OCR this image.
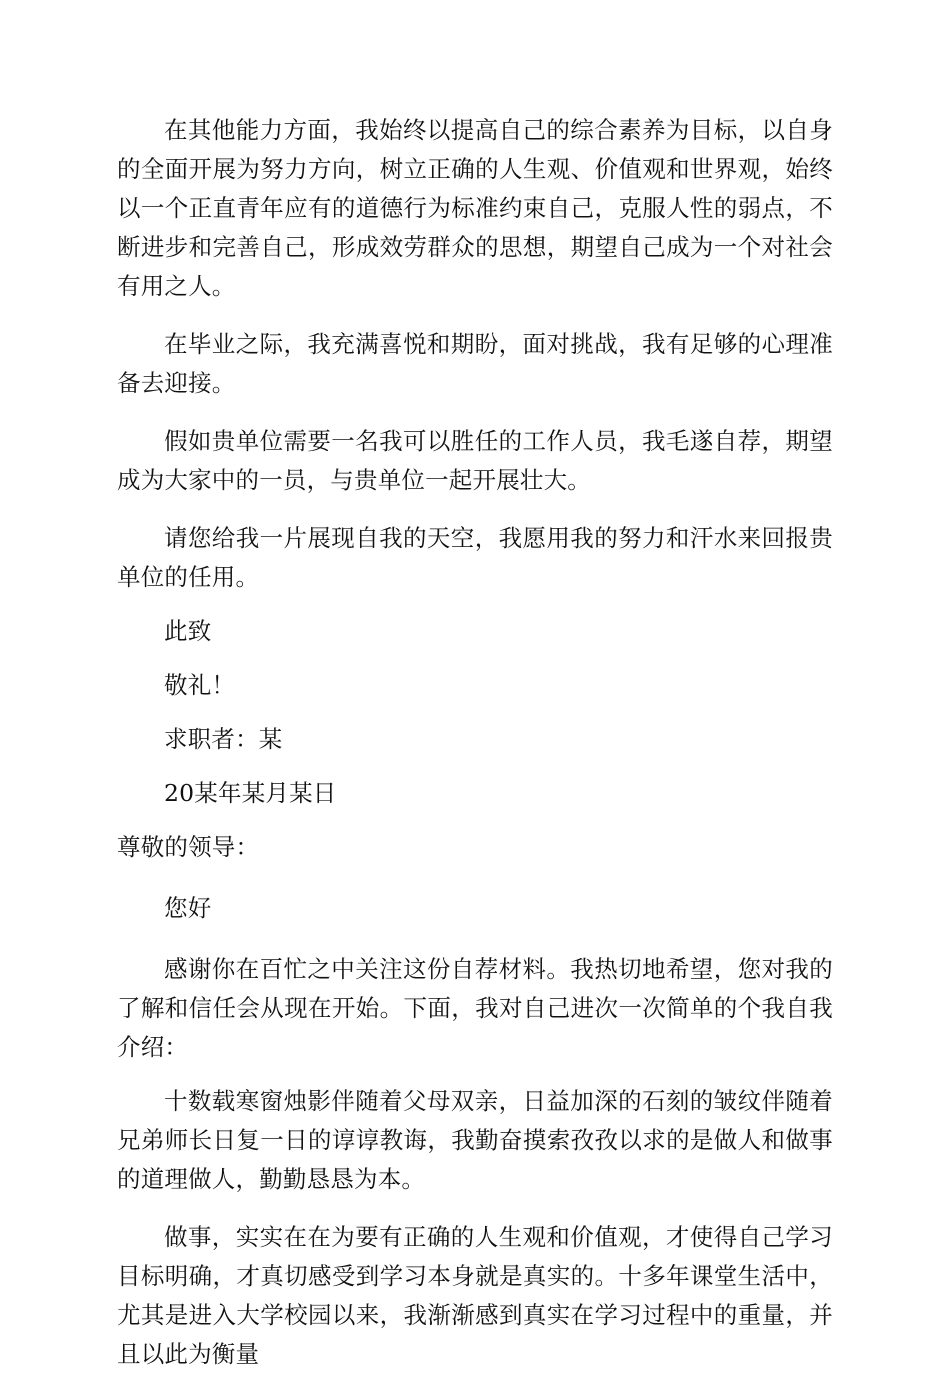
在其他能力方面，我始终以提高自己的综合素养为目标，以自身的全面开展为努力方向，树立正确的人生观、价值观和世界观，始终以一个正直青年应有的道德行为标准约束自己，克服人性的弱点，不断进步和完善自己，形成效劳群众的思想，期望自己成为一个对社会有用之人。

在毕业之际，我充满喜悦和期盼，面对挑战，我有足够的心理准备去迎接。

假如贵单位需要一名我可以胜任的工作人员，我毛遂自荐，期望成为大家中的一员，与贵单位一起开展壮大。

请您给我一片展现自我的天空，我愿用我的努力和汗水来回报贵单位的任用。

此致

敬礼！

求职者：某

20某年某月某日

尊敬的领导：

您好

感谢你在百忙之中关注这份自荐材料。我热切地希望，您对我的了解和信任会从现在开始。下面，我对自己进次一次简单的个我自我介绍：

十数载寒窗烛影伴随着父母双亲，日益加深的石刻的皱纹伴随着兄弟师长日复一日的谆谆教诲，我勤奋摸索孜孜以求的是做人和做事的道理做人，勤勤恳恳为本。

做事，实实在在为要有正确的人生观和价值观，才使得自己学习目标明确，才真切感受到学习本身就是真实的。十多年课堂生活中，尤其是进入大学校园以来，我渐渐感到真实在学习过程中的重量，并且以此为衡量
